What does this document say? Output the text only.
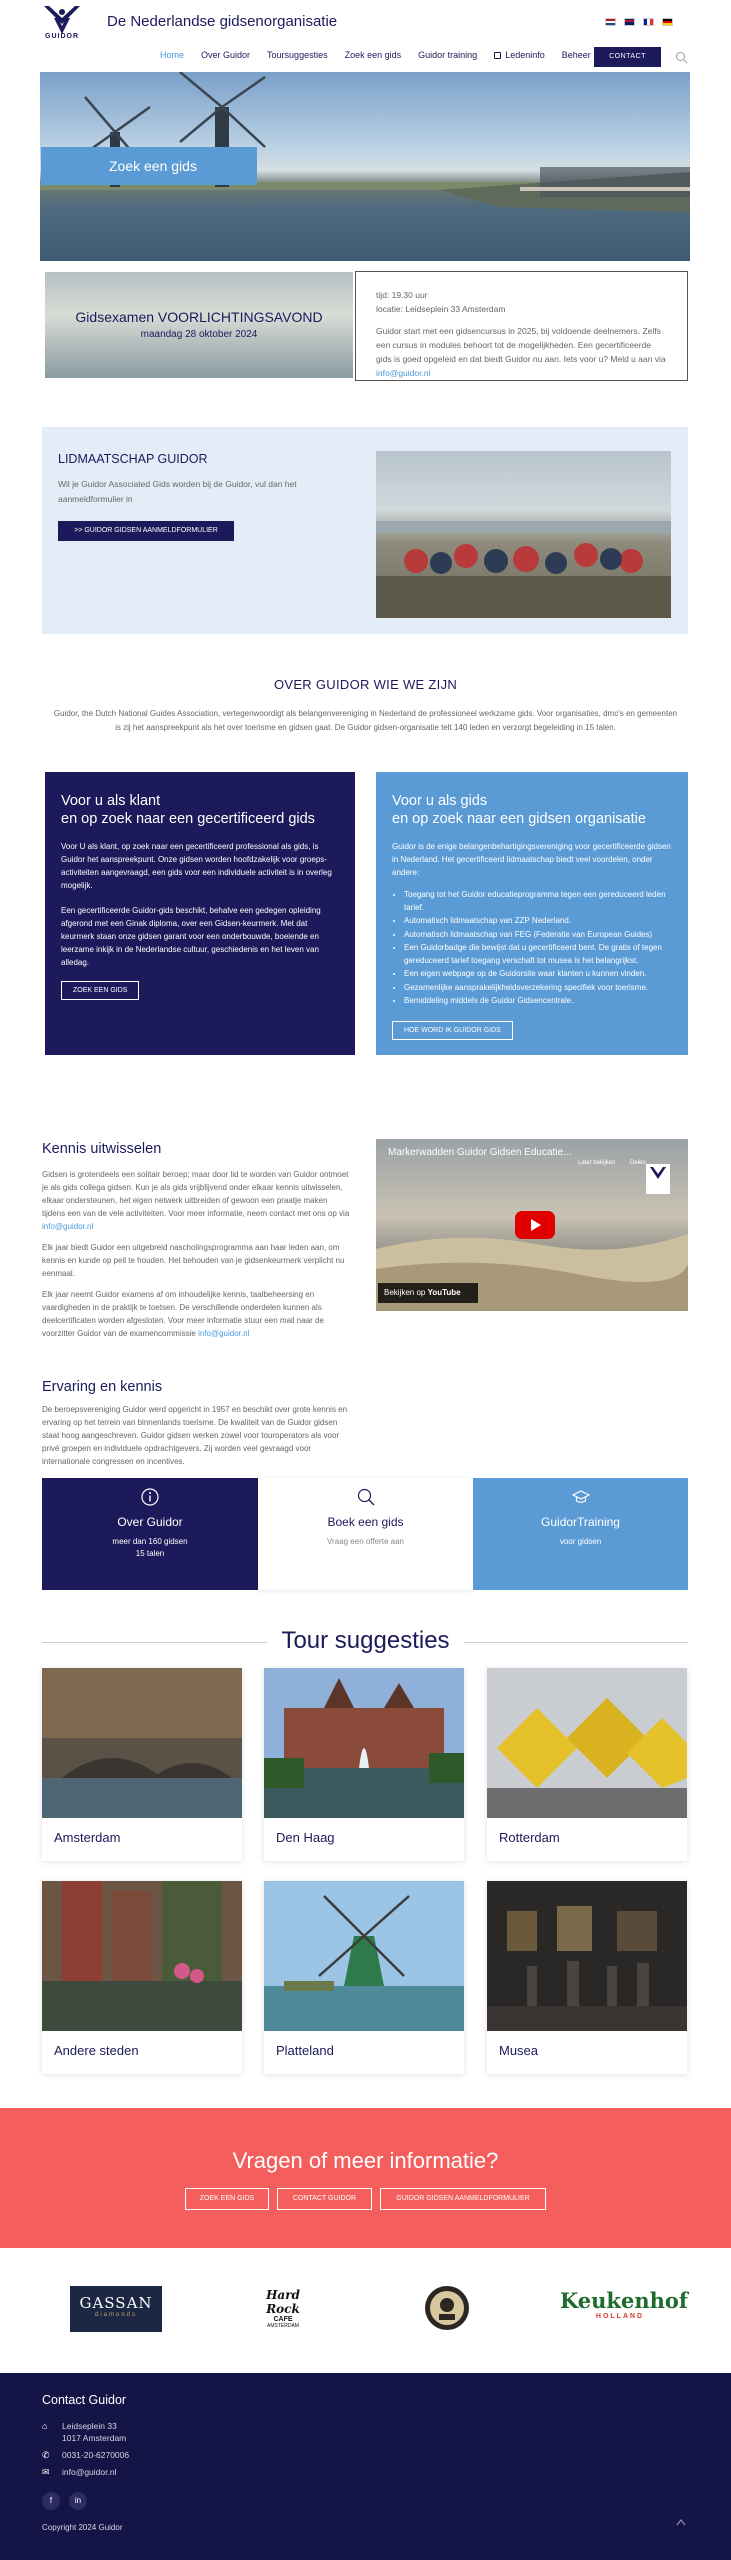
GUIDOR
De Nederlandse gidsenorganisatie
Home Over Guidor Toursuggesties Zoek een gids Guidor training	Ledeninfo Beheer	CONTACT
Zoek een gids
Gidsexamen VOORLICHTINGSAVOND
maandag 28 oktober 2024
tijd: 19.30 uur
locatie: Leidseplein 33 Amsterdam
Guidor start met een gidsencursus in 2025, bij voldoende deelnemers. Zelfs een cursus in modules behoort tot de mogelijkheden. Een gecertificeerde gids is goed opgeleid en dat biedt Guidor nu aan. Iets voor u? Meld u aan via info@guidor.nl
LIDMAATSCHAP GUIDOR
Wil je Guidor Associated Gids worden bij de Guidor, vul dan het aanmeldformulier in
>> GUIDOR GIDSEN AANMELDFORMULIER
OVER GUIDOR WIE WE ZIJN
Guidor, the Dutch National Guides Association, vertegenwoordigt als belangenvereniging in Nederland de professioneel werkzame gids. Voor organisaties, dmc's en gemeenten is zij het aanspreekpunt als het over toerisme en gidsen gaat. De Guidor gidsen-organisatie telt 140 leden en verzorgt begeleiding in 15 talen.
Voor u als klant
en op zoek naar een gecertificeerd gids

Voor U als klant, op zoek naar een gecertificeerd professional als gids, is Guidor het aanspreekpunt. Onze gidsen worden hoofdzakelijk voor groeps-activiteiten aangevraagd, een gids voor een individuele activiteit is in overleg mogelijk.

Een gecertificeerde Guidor-gids beschikt, behalve een gedegen opleiding afgerond met een Ginak diploma, over een Gidsen-keurmerk. Met dat keurmerk staan onze gidsen garant voor een onderbouwde, boeiende en leerzame inkijk in de Nederlandse cultuur, geschiedenis en het leven van alledag.

ZOEK EEN GIDS
Voor u als gids
en op zoek naar een gidsen organisatie

Guidor is de enige belangenbehartigingsvereniging voor gecertificeerde gidsen in Nederland. Het gecertificeerd lidmaatschap biedt veel voordelen, onder andere:

• Toegang tot het Guidor educatieprogramma tegen een gereduceerd leden tarief.
• Automatisch lidmaatschap van ZZP Nederland.
• Automatisch lidmaatschap van FEG (Federatie van European Guides)
• Een Guidorbadge die bewijst dat u gecertificeerd bent. De gratis of tegen gereduceerd tarief toegang verschaft tot musea is het belangrijkst.
• Een eigen webpage op de Guidorsite waar klanten u kunnen vinden.
• Gezamenlijke aansprakelijkheidsverzekering specifiek voor toerisme.
• Bemiddeling middels de Guidor Gidsencentrale.
HOE WORD IK GUIDOR GIDS
Kennis uitwisselen

Gidsen is grotendeels een solitair beroep; maar door lid te worden van Guidor ontmoet je als gids collega gidsen. Kun je als gids vrijblijvend onder elkaar kennis uitwisselen, elkaar ondersteunen, het eigen netwerk uitbreiden of gewoon een praatje maken tijdens een van de vele activiteiten. Voor meer informatie, neem contact met ons op via info@guidor.nl

Elk jaar biedt Guidor een uitgebreid nascholingsprogramma aan haar leden aan, om kennis en kunde op peil te houden. Het behouden van je gidsenkeurmerk verplicht nu eenmaal.

Elk jaar neemt Guidor examens af om inhoudelijke kennis, taalbeheersing en vaardigheden in de praktijk te toetsen. De verschillende onderdelen kunnen als deelcertificaten worden afgesloten. Voor meer informatie stuur een mail naar de voorzitter Guidor van de examencommissie info@guidor.nl

Ervaring en kennis
De beroepsvereniging Guidor werd opgericht in 1957 en beschikt over grote kennis en ervaring op het terrein van binnenlands toerisme. De kwaliteit van de Guidor gidsen staat hoog aangeschreven. Guidor gidsen werken zowel voor touroperators als voor privé groepen en individuele opdrachtgevers. Zij worden veel gevraagd voor internationale congressen en incentives.
Markerwadden Guidor Gidsen Educatie...
Later bekijken Delen
Bekijken op YouTube
Over Guidor
meer dan 160 gidsen
15 talen
Boek een gids
Vraag een offerte aan
GuidorTraining
voor gidsen
Tour suggesties
Amsterdam	Den Haag	Rotterdam
Andere steden	Platteland	Musea
Vragen of meer informatie?
ZOEK EEN GIDS	CONTACT GUIDOR	GUIDOR GIDSEN AANMELDFORMULIER
GASSAN
diamonds
Hard Rock
CAFE
AMSTERDAM
Keukenhof
HOLLAND
Contact Guidor
⌂	Leidseplein 33
1017 Amsterdam
✆	0031-20-6270006
✉	info@guidor.nl
f	in
Copyright 2024 Guidor
